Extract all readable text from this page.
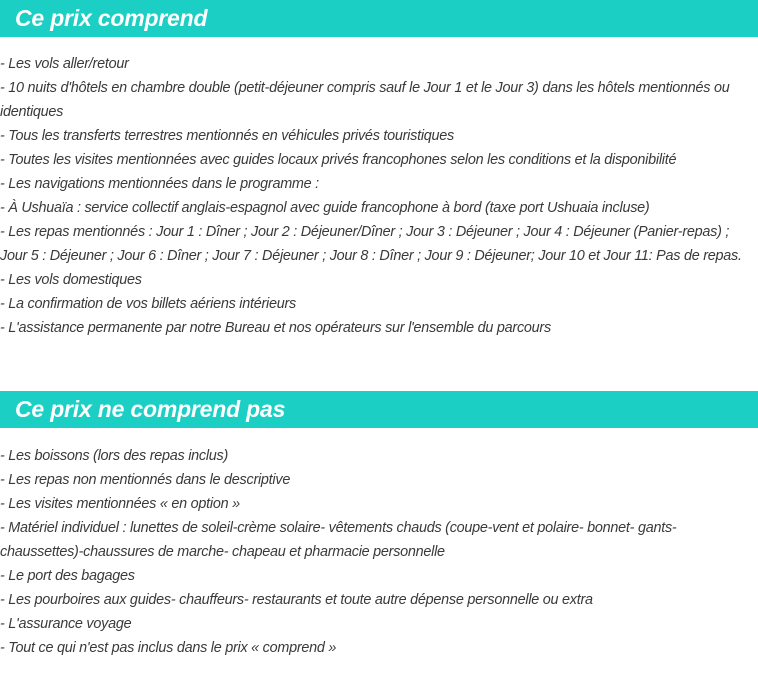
Ce prix comprend
- Les vols aller/retour
- 10 nuits d'hôtels en chambre double (petit-déjeuner compris sauf le Jour 1 et le Jour 3) dans les hôtels mentionnés ou identiques
- Tous les transferts terrestres mentionnés en véhicules privés touristiques
- Toutes les visites mentionnées avec guides locaux privés francophones selon les conditions et la disponibilité
- Les navigations mentionnées dans le programme :
- À Ushuaïa : service collectif anglais-espagnol avec guide francophone à bord (taxe port Ushuaia incluse)
- Les repas mentionnés : Jour 1 : Dîner ; Jour 2 : Déjeuner/Dîner ; Jour 3 : Déjeuner ; Jour 4 : Déjeuner (Panier-repas) ; Jour 5 : Déjeuner ; Jour 6 : Dîner ; Jour 7 : Déjeuner ; Jour 8 : Dîner ; Jour 9 : Déjeuner; Jour 10 et Jour 11: Pas de repas.
- Les vols domestiques
- La confirmation de vos billets aériens intérieurs
- L'assistance permanente par notre Bureau et nos opérateurs sur l'ensemble du parcours
Ce prix ne comprend pas
- Les boissons (lors des repas inclus)
- Les repas non mentionnés dans le descriptive
- Les visites mentionnées « en option »
- Matériel individuel : lunettes de soleil-crème solaire- vêtements chauds (coupe-vent et polaire- bonnet- gants-chaussettes)-chaussures de marche- chapeau et pharmacie personnelle
- Le port des bagages
- Les pourboires aux guides- chauffeurs- restaurants et toute autre dépense personnelle ou extra
- L'assurance voyage
- Tout ce qui n'est pas inclus dans le prix « comprend »
